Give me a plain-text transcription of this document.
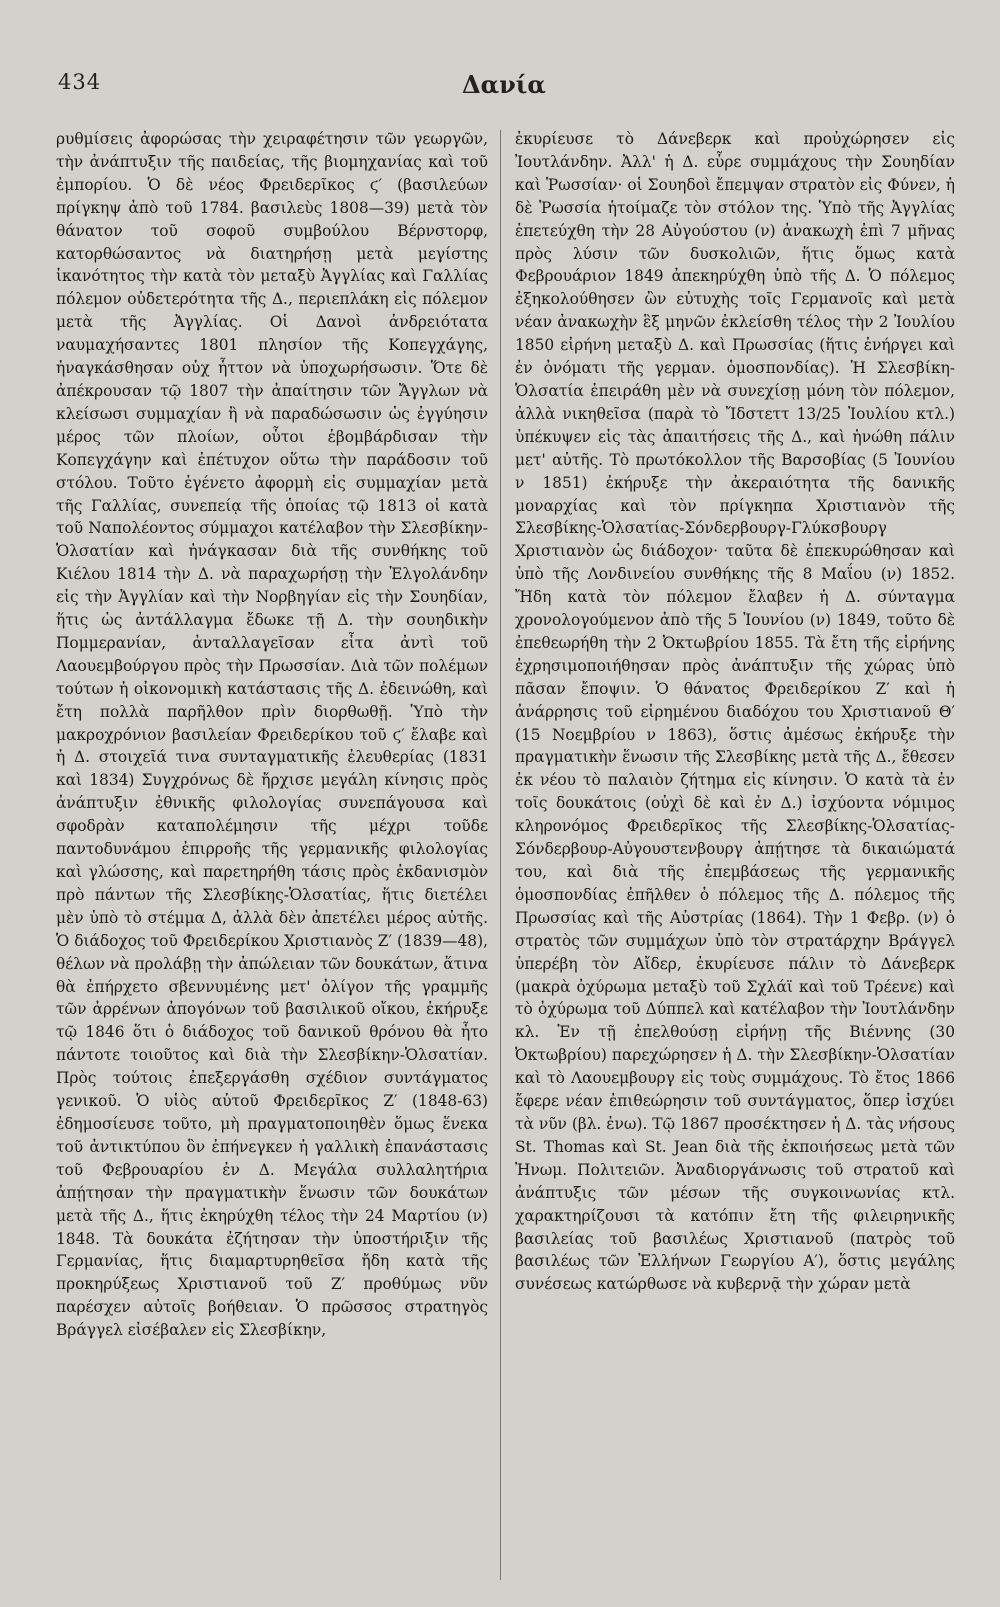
434	Δανία

ρυθμίσεις ἀφορώσας τὴν χειραφέτησιν τῶν γεωργῶν, τὴν ἀνάπτυξιν τῆς παιδείας, τῆς βιομηχανίας καὶ τοῦ ἐμπορίου. Ὁ δὲ νέος Φρειδερῖκος ϛ′ (βασιλεύων πρίγκηψ ἀπὸ τοῦ 1784. βασιλεὺς 1808—39) μετὰ τὸν θάνατον τοῦ σοφοῦ συμβούλου Βέρνστορφ, κατορθώσαντος νὰ διατηρήσῃ μετὰ μεγίστης ἱκανότητος τὴν κατὰ τὸν μεταξὺ Ἀγγλίας καὶ Γαλλίας πόλεμον οὐδετερότητα τῆς Δ., περιεπλάκη εἰς πόλεμον μετὰ τῆς Ἀγγλίας. Οἱ Δανοὶ ἀνδρειότατα ναυμαχήσαντες 1801 πλησίον τῆς Κοπεγχάγης, ἠναγκάσθησαν οὐχ ἧττον νὰ ὑποχωρήσωσιν. Ὅτε δὲ ἀπέκρουσαν τῷ 1807 τὴν ἀπαίτησιν τῶν Ἄγγλων νὰ κλείσωσι συμμαχίαν ἢ νὰ παραδώσωσιν ὡς ἐγγύησιν μέρος τῶν πλοίων, οὗτοι ἐβομβάρδισαν τὴν Κοπεγχάγην καὶ ἐπέτυχον οὕτω τὴν παράδοσιν τοῦ στόλου. Τοῦτο ἐγένετο ἀφορμὴ εἰς συμμαχίαν μετὰ τῆς Γαλλίας, συνεπείᾳ τῆς ὁποίας τῷ 1813 οἱ κατὰ τοῦ Ναπολέοντος σύμμαχοι κατέλαβον τὴν Σλεσβίκην-Ὁλσατίαν καὶ ἠνάγκασαν διὰ τῆς συνθήκης τοῦ Κιέλου 1814 τὴν Δ. νὰ παραχωρήσῃ τὴν Ἑλγολάνδην εἰς τὴν Ἀγγλίαν καὶ τὴν Νορβηγίαν εἰς τὴν Σουηδίαν, ἥτις ὡς ἀντάλλαγμα ἔδωκε τῇ Δ. τὴν σουηδικὴν Πομμερανίαν, ἀνταλλαγεῖσαν εἶτα ἀντὶ τοῦ Λαουεμβούργου πρὸς τὴν Πρωσσίαν. Διὰ τῶν πολέμων τούτων ἡ οἰκονομικὴ κατάστασις τῆς Δ. ἐδεινώθη, καὶ ἔτη πολλὰ παρῆλθον πρὶν διορθωθῇ. Ὑπὸ τὴν μακροχρόνιον βασιλείαν Φρειδερίκου τοῦ ϛ′ ἔλαβε καὶ ἡ Δ. στοιχεῖά τινα συνταγματικῆς ἐλευθερίας (1831 καὶ 1834) Συγχρόνως δὲ ἤρχισε μεγάλη κίνησις πρὸς ἀνάπτυξιν ἐθνικῆς φιλολογίας συνεπάγουσα καὶ σφοδρὰν καταπολέμησιν τῆς μέχρι τοῦδε παντοδυνάμου ἐπιρροῆς τῆς γερμανικῆς φιλολογίας καὶ γλώσσης, καὶ παρετηρήθη τάσις πρὸς ἐκδανισμὸν πρὸ πάντων τῆς Σλεσβίκης-Ὁλσατίας, ἥτις διετέλει μὲν ὑπὸ τὸ στέμμα Δ, ἀλλὰ δὲν ἀπετέλει μέρος αὐτῆς. Ὁ διάδοχος τοῦ Φρειδερίκου Χριστιανὸς Ζ′ (1839—48), θέλων νὰ προλάβῃ τὴν ἀπώλειαν τῶν δουκάτων, ἅτινα θὰ ἐπήρχετο σβεννυμένης μετ' ὀλίγον τῆς γραμμῆς τῶν ἀρρένων ἀπογόνων τοῦ βασιλικοῦ οἴκου, ἐκήρυξε τῷ 1846 ὅτι ὁ διάδοχος τοῦ δανικοῦ θρόνου θὰ ἦτο πάντοτε τοιοῦτος καὶ διὰ τὴν Σλεσβίκην-Ὁλσατίαν. Πρὸς τούτοις ἐπεξεργάσθη σχέδιον συντάγματος γενικοῦ. Ὁ υἱὸς αὐτοῦ Φρειδερῖκος Ζ′ (1848-63) ἐδημοσίευσε τοῦτο, μὴ πραγματοποιηθὲν ὅμως ἕνεκα τοῦ ἀντικτύπου ὃν ἐπήνεγκεν ἡ γαλλικὴ ἐπανάστασις τοῦ Φεβρουαρίου ἐν Δ. Μεγάλα συλλαλητήρια ἀπῄτησαν τὴν πραγματικὴν ἕνωσιν τῶν δουκάτων μετὰ τῆς Δ., ἥτις ἐκηρύχθη τέλος τὴν 24 Μαρτίου (ν) 1848. Τὰ δουκάτα ἐζήτησαν τὴν ὑποστήριξιν τῆς Γερμανίας, ἥτις διαμαρτυρηθεῖσα ἤδη κατὰ τῆς προκηρύξεως Χριστιανοῦ τοῦ Ζ′ προθύμως νῦν παρέσχεν αὐτοῖς βοήθειαν. Ὁ πρῶσσος στρατηγὸς Βράγγελ εἰσέβαλεν εἰς Σλεσβίκην,

ἐκυρίευσε τὸ Δάνεβερκ καὶ προὐχώρησεν εἰς Ἰουτλάνδην. Ἀλλ' ἡ Δ. εὗρε συμμάχους τὴν Σουηδίαν καὶ Ῥωσσίαν· οἱ Σουηδοὶ ἔπεμψαν στρατὸν εἰς Φύνεν, ἡ δὲ Ῥωσσία ἡτοίμαζε τὸν στόλον της. Ὑπὸ τῆς Ἀγγλίας ἐπετεύχθη τὴν 28 Αὐγούστου (ν) ἀνακωχὴ ἐπὶ 7 μῆνας πρὸς λύσιν τῶν δυσκολιῶν, ἥτις ὅμως κατὰ Φεβρουάριον 1849 ἀπεκηρύχθη ὑπὸ τῆς Δ. Ὁ πόλεμος ἐξηκολούθησεν ὢν εὐτυχὴς τοῖς Γερμανοῖς καὶ μετὰ νέαν ἀνακωχὴν ἓξ μηνῶν ἐκλείσθη τέλος τὴν 2 Ἰουλίου 1850 εἰρήνη μεταξὺ Δ. καὶ Πρωσσίας (ἥτις ἐνήργει καὶ ἐν ὀνόματι τῆς γερμαν. ὁμοσπονδίας). Ἡ Σλεσβίκη-Ὁλσατία ἐπειράθη μὲν νὰ συνεχίσῃ μόνη τὸν πόλεμον, ἀλλὰ νικηθεῖσα (παρὰ τὸ Ἴδστεττ 13/25 Ἰουλίου κτλ.) ὑπέκυψεν εἰς τὰς ἀπαιτήσεις τῆς Δ., καὶ ἡνώθη πάλιν μετ' αὐτῆς. Τὸ πρωτόκολλον τῆς Βαρσοβίας (5 Ἰουνίου ν 1851) ἐκήρυξε τὴν ἀκεραιότητα τῆς δανικῆς μοναρχίας καὶ τὸν πρίγκηπα Χριστιανὸν τῆς Σλεσβίκης-Ὁλσατίας-Σόνδερβουργ-Γλύκσβουργ Χριστιανὸν ὡς διάδοχον· ταῦτα δὲ ἐπεκυρώθησαν καὶ ὑπὸ τῆς Λονδινείου συνθήκης τῆς 8 Μαΐου (ν) 1852. Ἤδη κατὰ τὸν πόλεμον ἔλαβεν ἡ Δ. σύνταγμα χρονολογούμενον ἀπὸ τῆς 5 Ἰουνίου (ν) 1849, τοῦτο δὲ ἐπεθεωρήθη τὴν 2 Ὀκτωβρίου 1855. Τὰ ἔτη τῆς εἰρήνης ἐχρησιμοποιήθησαν πρὸς ἀνάπτυξιν τῆς χώρας ὑπὸ πᾶσαν ἔποψιν. Ὁ θάνατος Φρειδερίκου Ζ′ καὶ ἡ ἀνάρρησις τοῦ εἰρημένου διαδόχου του Χριστιανοῦ Θ′ (15 Νοεμβρίου ν 1863), ὅστις ἀμέσως ἐκήρυξε τὴν πραγματικὴν ἕνωσιν τῆς Σλεσβίκης μετὰ τῆς Δ., ἔθεσεν ἐκ νέου τὸ παλαιὸν ζήτημα εἰς κίνησιν. Ὁ κατὰ τὰ ἐν τοῖς δουκάτοις (οὐχὶ δὲ καὶ ἐν Δ.) ἰσχύοντα νόμιμος κληρονόμος Φρειδερῖκος τῆς Σλεσβίκης-Ὁλσατίας-Σόνδερβουρ-Αὐγουστενβουργ ἀπῄτησε τὰ δικαιώματά του, καὶ διὰ τῆς ἐπεμβάσεως τῆς γερμανικῆς ὁμοσπονδίας ἐπῆλθεν ὁ πόλεμος τῆς Δ. πόλεμος τῆς Πρωσσίας καὶ τῆς Αὐστρίας (1864). Τὴν 1 Φεβρ. (ν) ὁ στρατὸς τῶν συμμάχων ὑπὸ τὸν στρατάρχην Βράγγελ ὑπερέβη τὸν Αἴδερ, ἐκυρίευσε πάλιν τὸ Δάνεβερκ (μακρὰ ὀχύρωμα μεταξὺ τοῦ Σχλάϊ καὶ τοῦ Τρέενε) καὶ τὸ ὀχύρωμα τοῦ Δύππελ καὶ κατέλαβον τὴν Ἰουτλάνδην κλ. Ἐν τῇ ἐπελθούσῃ εἰρήνῃ τῆς Βιέννης (30 Ὀκτωβρίου) παρεχώρησεν ἡ Δ. τὴν Σλεσβίκην-Ὁλσατίαν καὶ τὸ Λαουεμβουργ εἰς τοὺς συμμάχους. Τὸ ἔτος 1866 ἔφερε νέαν ἐπιθεώρησιν τοῦ συντάγματος, ὅπερ ἰσχύει τὰ νῦν (βλ. ἐνω). Τῷ 1867 προσέκτησεν ἡ Δ. τὰς νήσους St. Thomas καὶ St. Jean διὰ τῆς ἐκποιήσεως μετὰ τῶν Ἠνωμ. Πολιτειῶν. Ἀναδιοργάνωσις τοῦ στρατοῦ καὶ ἀνάπτυξις τῶν μέσων τῆς συγκοινωνίας κτλ. χαρακτηρίζουσι τὰ κατόπιν ἔτη τῆς φιλειρηνικῆς βασιλείας τοῦ βασιλέως Χριστιανοῦ (πατρὸς τοῦ βασιλέως τῶν Ἑλλήνων Γεωργίου Α′), ὅστις μεγάλης συνέσεως κατώρθωσε νὰ κυβερνᾷ τὴν χώραν μετὰ
